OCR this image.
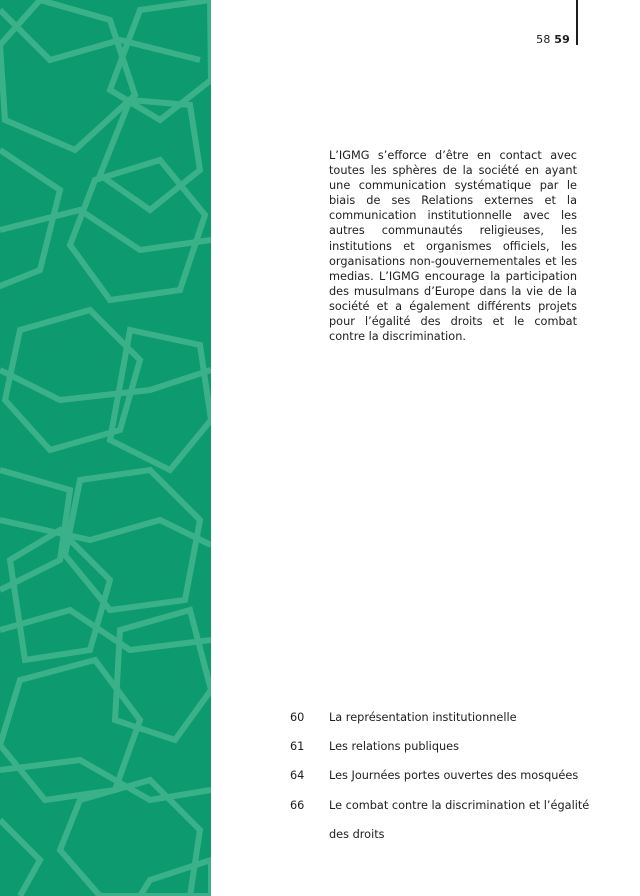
58 59

L’IGMG s’efforce d’être en contact avec toutes les sphères de la société en ayant une communication systématique par le biais de ses Relations externes et la communication institutionnelle avec les autres communautés religieuses, les institutions et organismes officiels, les organisations non-gouvernementales et les medias. L’IGMG encourage la participation des musulmans d’Europe dans la vie de la société et a également différents projets pour l’égalité des droits et le combat contre la discrimination.

60	La représentation institutionnelle
61	Les relations publiques
64	Les Journées portes ouvertes des mosquées
66	Le combat contre la discrimination et l’égalité des droits
